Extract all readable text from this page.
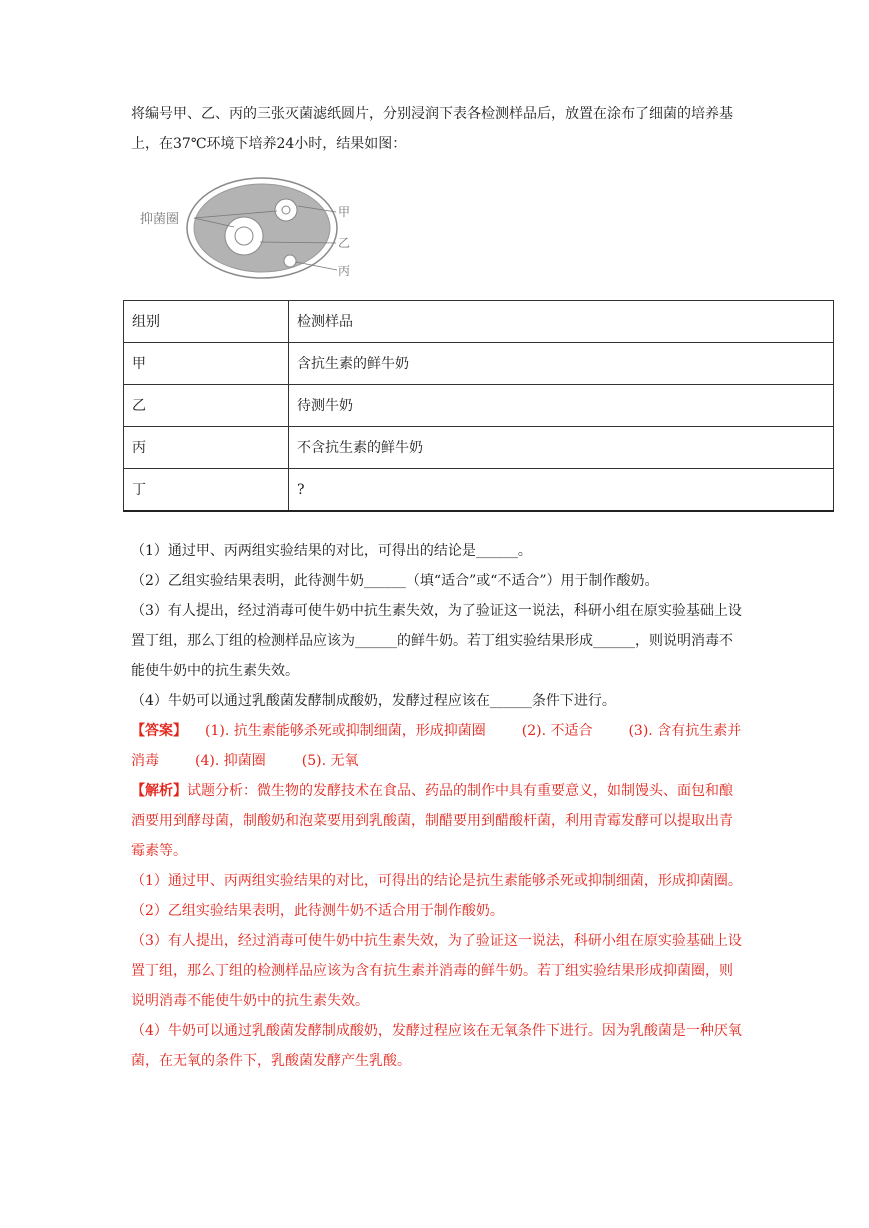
将编号甲、乙、丙的三张灭菌滤纸圆片，分别浸润下表各检测样品后，放置在涂布了细菌的培养基上，在37℃环境下培养24小时，结果如图：

抑菌圈	甲
乙
丙
组别	检测样品
甲	含抗生素的鲜牛奶
乙	待测牛奶
丙	不含抗生素的鲜牛奶
丁	?

（1）通过甲、丙两组实验结果的对比，可得出的结论是______。

（2）乙组实验结果表明，此待测牛奶______（填“适合”或“不适合”）用于制作酸奶。

（3）有人提出，经过消毒可使牛奶中抗生素失效，为了验证这一说法，科研小组在原实验基础上设置丁组，那么丁组的检测样品应该为______的鲜牛奶。若丁组实验结果形成______，则说明消毒不能使牛奶中的抗生素失效。

（4）牛奶可以通过乳酸菌发酵制成酸奶，发酵过程应该在______条件下进行。

【答案】 (1). 抗生素能够杀死或抑制细菌，形成抑菌圈	(2). 不适合	(3). 含有抗生素并消毒	(4). 抑菌圈	(5). 无氧

【解析】试题分析：微生物的发酵技术在食品、药品的制作中具有重要意义，如制馒头、面包和酿酒要用到酵母菌，制酸奶和泡菜要用到乳酸菌，制醋要用到醋酸杆菌，利用青霉发酵可以提取出青霉素等。

（1）通过甲、丙两组实验结果的对比，可得出的结论是抗生素能够杀死或抑制细菌，形成抑菌圈。

（2）乙组实验结果表明，此待测牛奶不适合用于制作酸奶。

（3）有人提出，经过消毒可使牛奶中抗生素失效，为了验证这一说法，科研小组在原实验基础上设置丁组，那么丁组的检测样品应该为含有抗生素并消毒的鲜牛奶。若丁组实验结果形成抑菌圈，则说明消毒不能使牛奶中的抗生素失效。

（4）牛奶可以通过乳酸菌发酵制成酸奶，发酵过程应该在无氧条件下进行。因为乳酸菌是一种厌氧菌，在无氧的条件下，乳酸菌发酵产生乳酸。
